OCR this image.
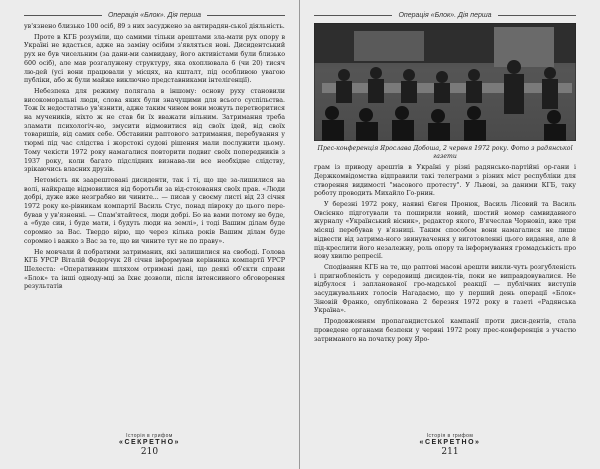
Операція «Блок». Дія перша

ув'язнено близько 100 осіб, 89 з них засуджено за антирадян-ської діяльність.

Проте в КГБ розуміли, що самими тільки арештами зла-мати рух опору в Україні не вдасться, адже на заміну осібим з'являться нові. Дисидентський рух не був чисельним (за дани-ми самвидаву, його активістами були близько 600 осіб), але мав розгалужену структуру, яка охоплювала 6 (чи 20) тисяч лю-дей (усі вони працювали у місцях, на кшталт, під особливою увагою публіки, або ж були майже виключно представниками інтелігенції).

Небезпека для режиму полягала в іншому: основу руху становили високоморальні люди, слова яких були значущими для всього суспільства. Тож їх недостатньо ув'язнити, адже таким чином вони можуть перетворитися на мучеників, ніхто ж не став би їх вважати вільним. Затримання треба зламати психологіч-но, змусити відмовитися від своїх ідей, від своїх товаришів, від самих себе. Обставини раптового затримання, перебування у тюрмі під час слідства і жорстокі судові рішення мали послужити цьому. Тому чекісти 1972 року намагалися повторити подвиг своїх попередників з 1937 року, коли багато підслідних визнава-ли все необхідне слідству, зрікаючись власних друзів.

Нетомість як заарештовані дисиденти, так і ті, що ще за-лишилися на волі, найкраще відмовилися від боротьби за від-стоювання своїх прав. «Люди добрі, дуже вже незграбно ви чините... — писав у своєму листі від 23 січня 1972 року ке-рівникам компартії Василь Стус, понад півроку до цього пере-бував у ув'язненні. — Спам'ятайтеся, люди добрі. Бо на вами потому не буде, а «буде син, і буде мати, і будуть люди на землі», і тоді Вашим ділам буде соромно за Вас. Твердо вірю, що через кілька років Вашим ділам буде соромно і важко з Вас за те, що ви чините тут не по праву».

Не мовчали й побратими затриманих, які залишилися на свободі. Голова КГБ УРСР Віталій Федорчук 28 січня інформував керівника компартії УРСР Шелеста: «Оперативним шляхом отримані дані, що деякі об'єкти справи «Блок» та інші одноду-мці за їхнє дозволи, після інтенсивного обговорення результатів

Історія в грифом
«СЕКРЕТНО»
210
Операція «Блок». Дія перша
Прес-конференція Ярослава Добоша, 2 червня 1972 року. Фото з радянської газети

грам із приводу арештів в Україні у різні радянсько-партійні ор-гани і Держкомвідомства відправили такі телеграми з різних міст республіки для створення видимості "масового протесту". У Львові, за даними КГБ, таку роботу проводить Михайло Го-рнин.

У березні 1972 року, наявні Євген Пронюк, Василь Лісовий та Василь Овсієнко підготували та поширили новий, шостий номер самвидавного журналу «Український вісник», редактор якого, В'ячеслав Чорновіл, вже три місяці перебував у в'язниці. Таким способом вони намагалися не лише відвести від затрима-ного звинувачення у виготовленні цього видання, але й під-креслити його незалежну, роль опору та інформування громадськість про нову хвилю репресії.

Сподівання КГБ на те, що раптові масові арешти викли-чуть розгубленість і пригнобленість у середовищі дисиден-тів, поки не виправдовувалися. Не відбулося і запланованої гро-мадської реакції — публічних виступів засуджувальних голосів Нагадаємо, що у перший день операції «Блок» Зіновій Франко, опублікована 2 березня 1972 року в газеті «Радянська Україна».

Продовженням пропагандистської кампанії проти диси-дентів, стала проведене органами безпеки у червні 1972 року прес-конференція з участю затриманого на початку року Яро-

Історія в грифом
«СЕКРЕТНО»
211
